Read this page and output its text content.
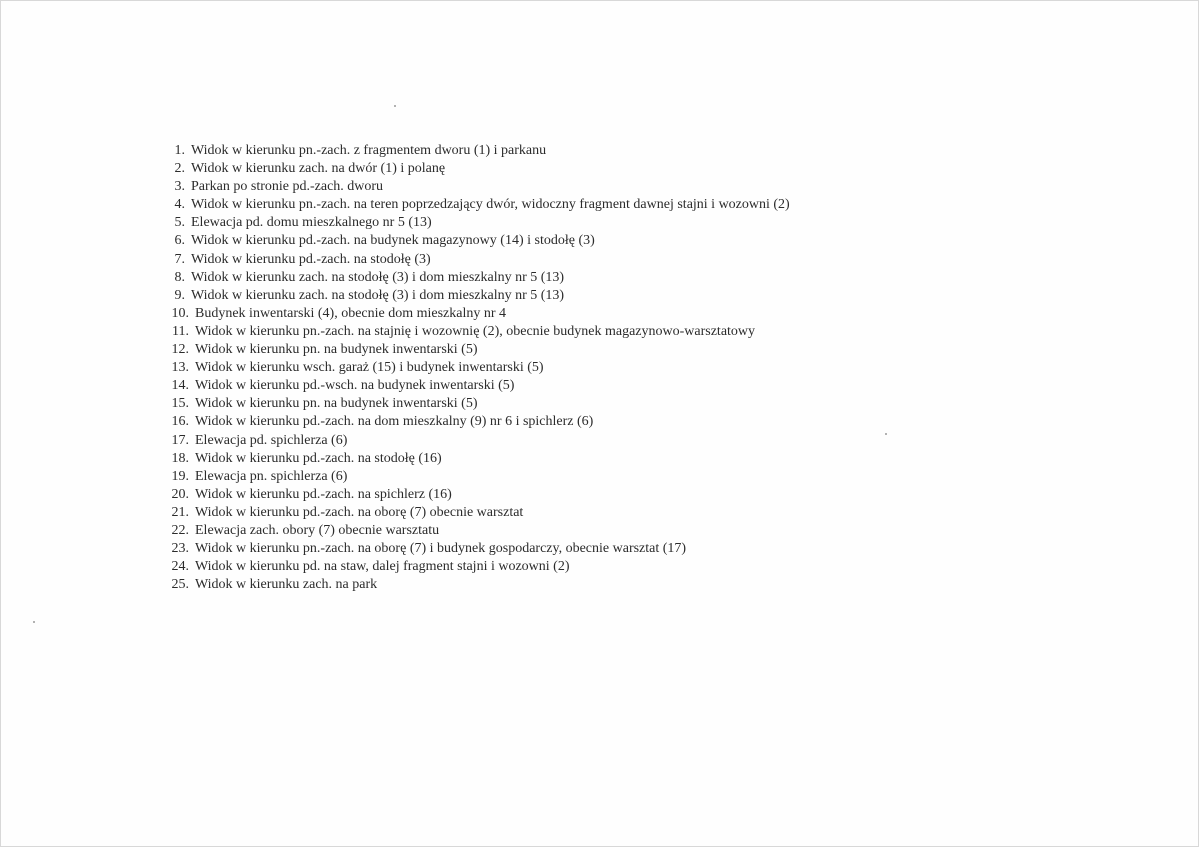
1. Widok w kierunku pn.-zach. z fragmentem dworu (1) i parkanu
2. Widok w kierunku zach. na dwór (1) i polanę
3. Parkan po stronie pd.-zach. dworu
4. Widok w kierunku pn.-zach. na teren poprzedzający dwór, widoczny fragment dawnej stajni i wozowni (2)
5. Elewacja pd. domu mieszkalnego nr 5 (13)
6. Widok w kierunku pd.-zach. na budynek magazynowy (14) i stodołę (3)
7. Widok w kierunku pd.-zach. na stodołę (3)
8. Widok w kierunku zach. na stodołę (3) i dom mieszkalny nr 5 (13)
9. Widok w kierunku zach. na stodołę (3) i dom mieszkalny nr 5 (13)
10. Budynek inwentarski (4), obecnie dom mieszkalny nr 4
11. Widok w kierunku pn.-zach. na stajnię i wozownię (2), obecnie budynek magazynowo-warsztatowy
12. Widok w kierunku pn. na budynek inwentarski (5)
13. Widok w kierunku wsch. garaż (15) i budynek inwentarski (5)
14. Widok w kierunku pd.-wsch. na budynek inwentarski (5)
15. Widok w kierunku pn. na budynek inwentarski (5)
16. Widok w kierunku pd.-zach. na dom mieszkalny (9) nr 6 i spichlerz (6)
17. Elewacja pd. spichlerza (6)
18. Widok w kierunku pd.-zach. na stodołę (16)
19. Elewacja pn. spichlerza (6)
20. Widok w kierunku pd.-zach. na spichlerz (16)
21. Widok w kierunku pd.-zach. na oborę (7) obecnie warsztat
22. Elewacja zach. obory (7) obecnie warsztatu
23. Widok w kierunku pn.-zach. na oborę (7) i budynek gospodarczy, obecnie warsztat (17)
24. Widok w kierunku pd. na staw, dalej fragment stajni i wozowni (2)
25. Widok w kierunku zach. na park
